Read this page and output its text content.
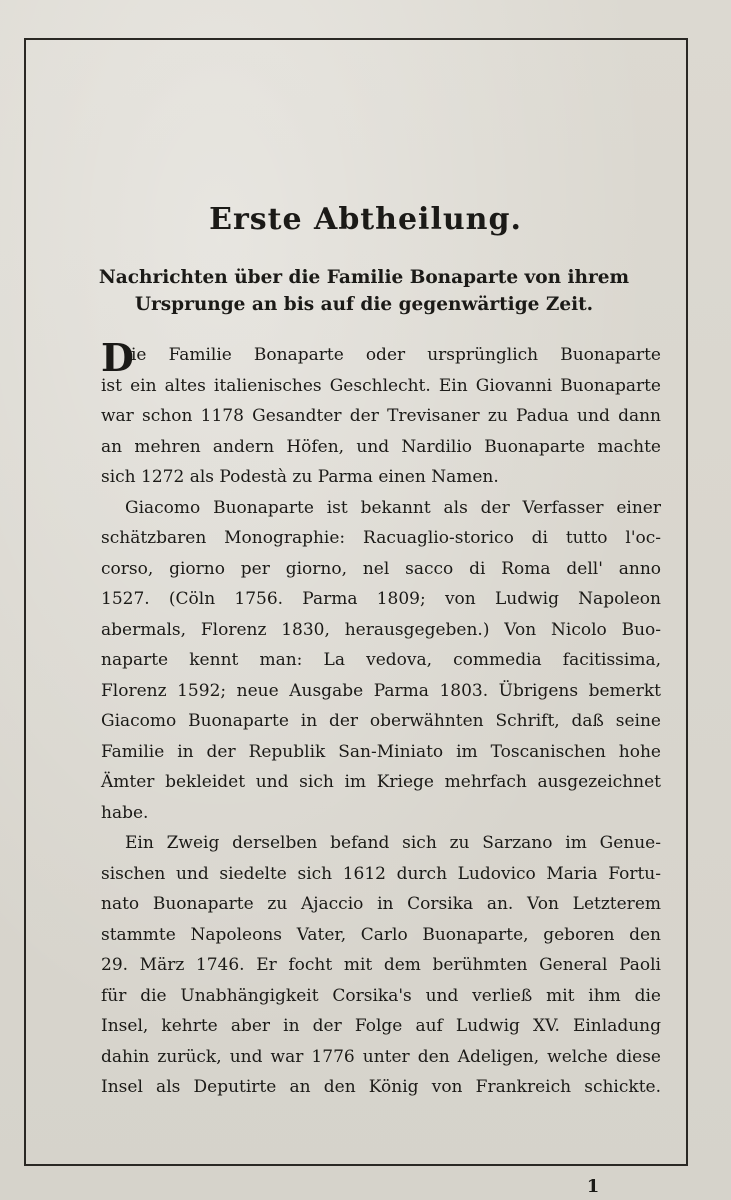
Erste Abtheilung.
Nachrichten über die Familie Bonaparte von ihrem Ursprunge an bis auf die gegenwärtige Zeit.
D
ie Familie Bonaparte oder ursprünglich Buonaparte
ist ein altes italienisches Geschlecht. Ein Giovanni Buonaparte
war schon 1178 Gesandter der Trevisaner zu Padua und dann
an mehren andern Höfen, und Nardilio Buonaparte machte
sich 1272 als Podestà zu Parma einen Namen.
Giacomo Buonaparte ist bekannt als der Verfasser einer
schätzbaren Monographie: Racuaglio-storico di tutto l'oc-
corso, giorno per giorno, nel sacco di Roma dell' anno
1527. (Cöln 1756. Parma 1809; von Ludwig Napoleon
abermals, Florenz 1830, herausgegeben.) Von Nicolo Buo-
naparte kennt man: La vedova, commedia facitissima,
Florenz 1592; neue Ausgabe Parma 1803. Übrigens bemerkt
Giacomo Buonaparte in der oberwähnten Schrift, daß seine
Familie in der Republik San-Miniato im Toscanischen hohe
Ämter bekleidet und sich im Kriege mehrfach ausgezeichnet
habe.
Ein Zweig derselben befand sich zu Sarzano im Genue-
sischen und siedelte sich 1612 durch Ludovico Maria Fortu-
nato Buonaparte zu Ajaccio in Corsika an. Von Letzterem
stammte Napoleons Vater, Carlo Buonaparte, geboren den
29. März 1746. Er focht mit dem berühmten General Paoli
für die Unabhängigkeit Corsika's und verließ mit ihm die
Insel, kehrte aber in der Folge auf Ludwig XV. Einladung
dahin zurück, und war 1776 unter den Adeligen, welche diese
Insel als Deputirte an den König von Frankreich schickte.
1
